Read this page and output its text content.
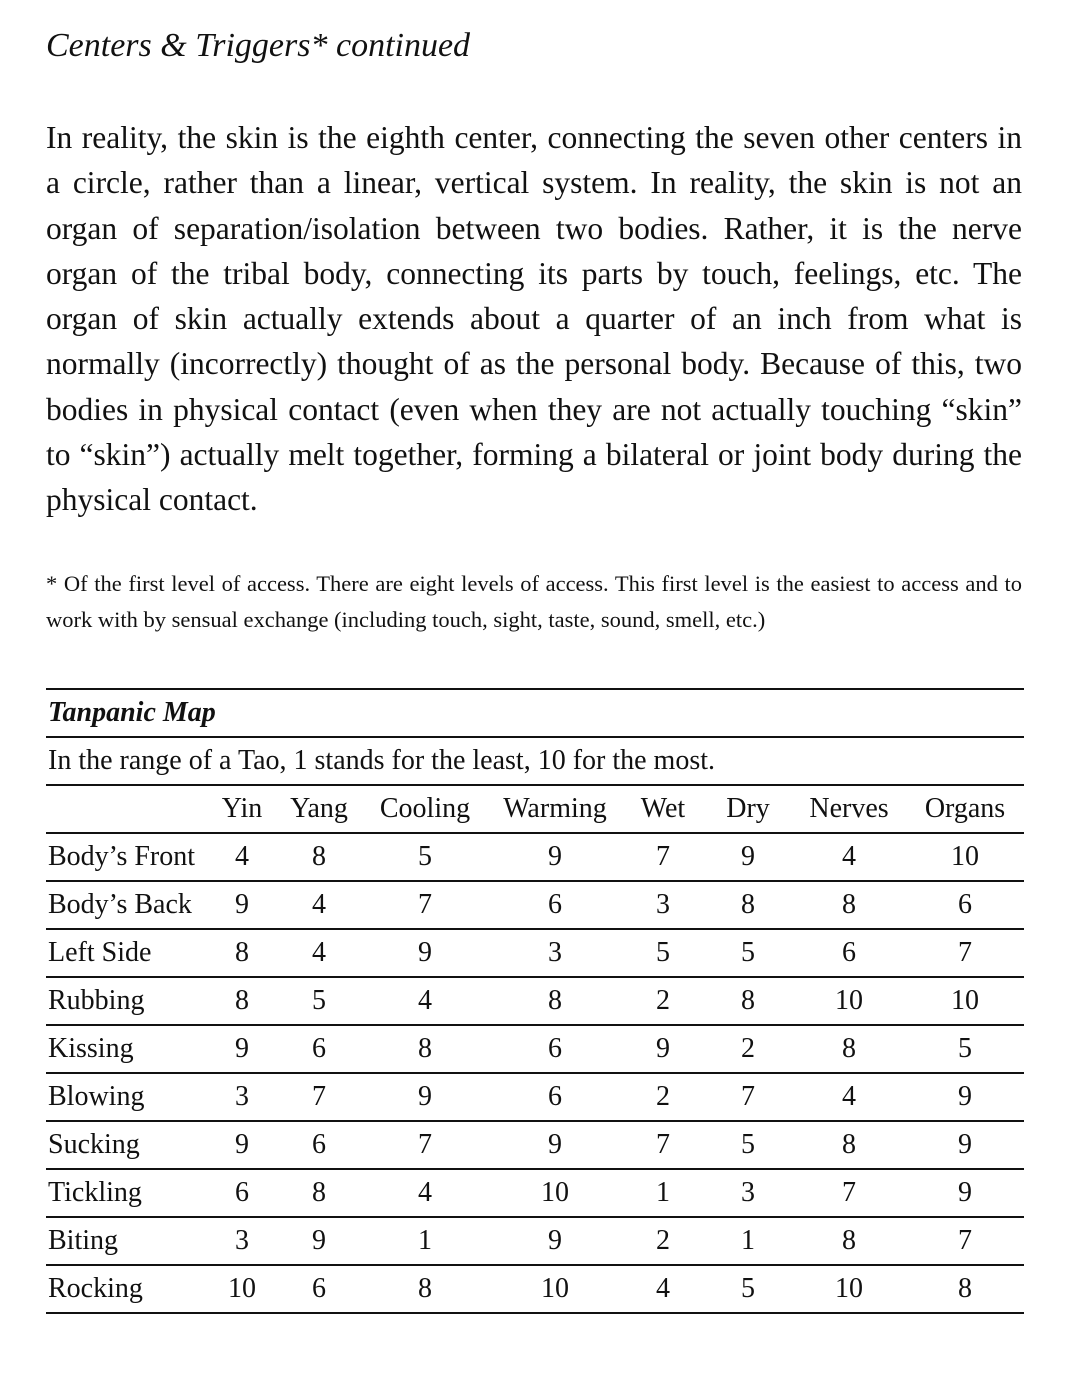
Centers & Triggers* continued

In reality, the skin is the eighth center, connecting the seven other centers in a circle, rather than a linear, vertical system. In reality, the skin is not an organ of separation/isolation between two bodies. Rather, it is the nerve organ of the tribal body, connecting its parts by touch, feelings, etc. The organ of skin actually extends about a quarter of an inch from what is normally (incorrectly) thought of as the personal body. Because of this, two bodies in physical contact (even when they are not actually touching “skin” to “skin”) actually melt together, forming a bilateral or joint body during the physical contact.

* Of the first level of access. There are eight levels of access. This first level is the easiest to access and to work with by sensual exchange (including touch, sight, taste, sound, smell, etc.)

Tanpanic Map								
In the range of a Tao, 1 stands for the least, 10 for the most.								
	Yin	Yang	Cooling	Warming	Wet	Dry	Nerves	Organs
Body’s Front	4	8	5	9	7	9	4	10
Body’s Back	9	4	7	6	3	8	8	6
Left Side	8	4	9	3	5	5	6	7
Rubbing	8	5	4	8	2	8	10	10
Kissing	9	6	8	6	9	2	8	5
Blowing	3	7	9	6	2	7	4	9
Sucking	9	6	7	9	7	5	8	9
Tickling	6	8	4	10	1	3	7	9
Biting	3	9	1	9	2	1	8	7
Rocking	10	6	8	10	4	5	10	8
